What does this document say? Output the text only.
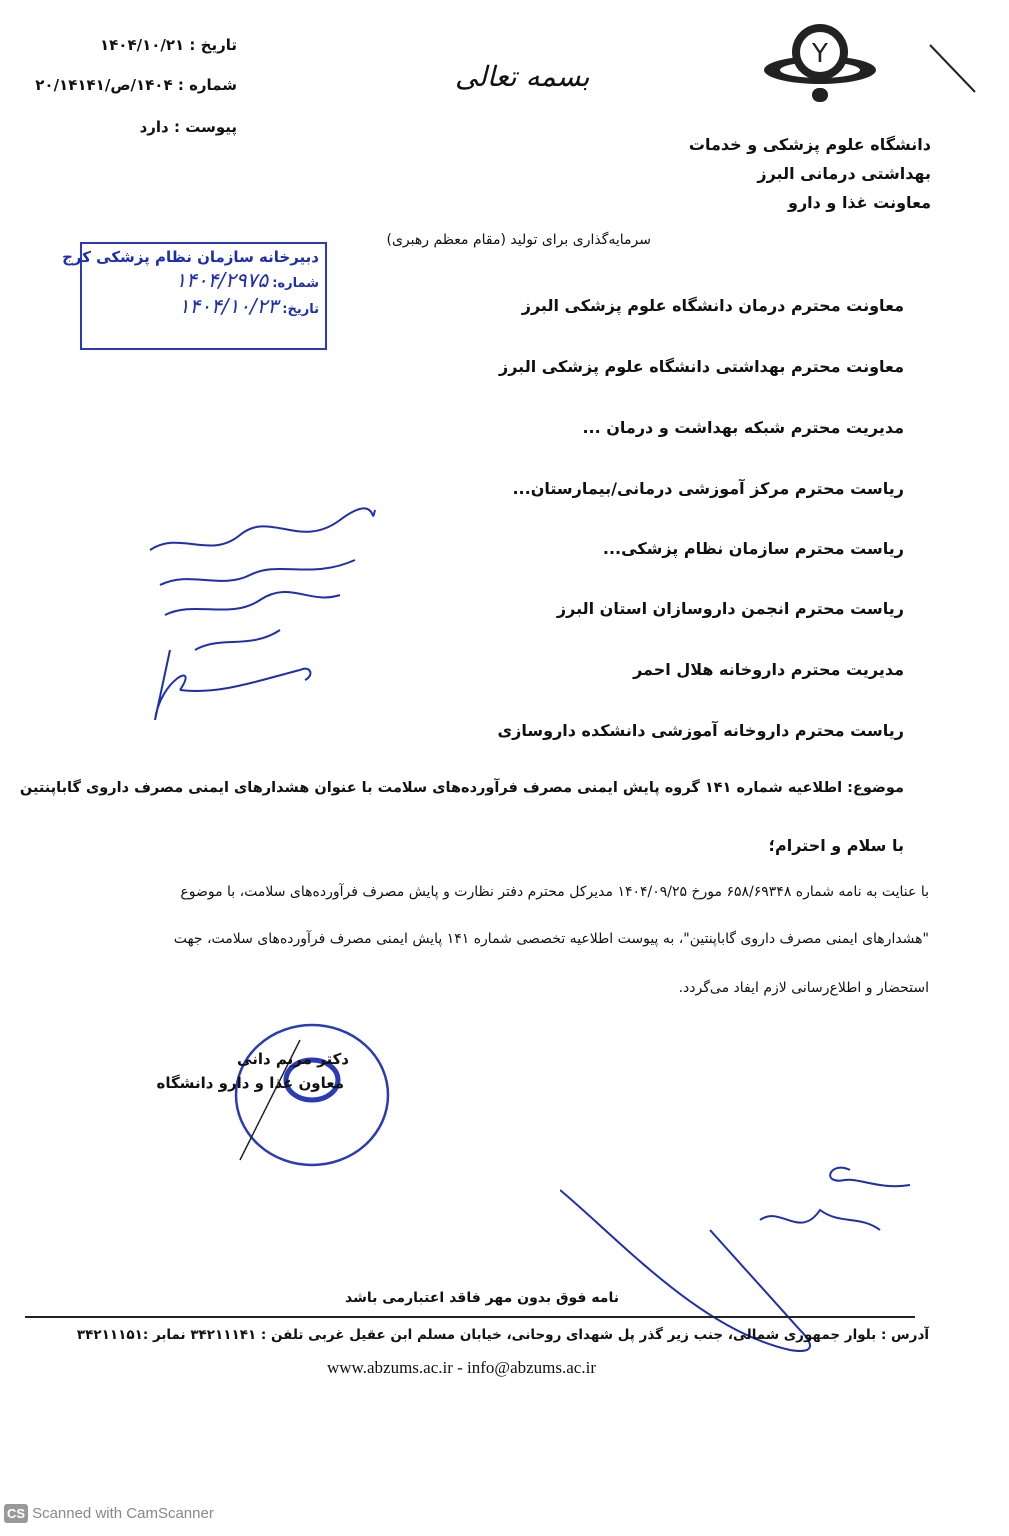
Y
دانشگاه علوم پزشکی و خدمات
بهداشتی درمانی البرز
معاونت غذا و دارو
بسمه تعالی
تاریخ : ۱۴۰۴/۱۰/۲۱
شماره : ۱۴۰۴/ص/۲۰/۱۴۱۴۱
پیوست : دارد
سرمایه‌گذاری برای تولید (مقام معظم رهبری)
دبیرخانه سازمان نظام پزشکی کرج
شماره: ۱۴۰۴/۲۹۷۵
تاریخ: ۱۴۰۴/۱۰/۲۳	معاونت محترم درمان دانشگاه علوم پزشکی البرز
معاونت محترم بهداشتی دانشگاه علوم پزشکی البرز
مدیریت محترم شبکه بهداشت و درمان ...
ریاست محترم مرکز آموزشی درمانی/بیمارستان...
ریاست محترم سازمان نظام پزشکی...
ریاست محترم انجمن داروسازان استان البرز
مدیریت محترم داروخانه هلال احمر
ریاست محترم داروخانه آموزشی دانشکده داروسازی
موضوع: اطلاعیه شماره ۱۴۱ گروه پایش ایمنی مصرف فرآورده‌های سلامت با عنوان هشدارهای ایمنی مصرف داروی گاباپنتین
با سلام و احترام؛
با عنایت به نامه شماره ۶۵۸/۶۹۳۴۸ مورخ ۱۴۰۴/۰۹/۲۵ مدیرکل محترم دفتر نظارت و پایش مصرف فرآورده‌های سلامت، با موضوع
"هشدارهای ایمنی مصرف داروی گاباپنتین"، به پیوست اطلاعیه تخصصی شماره ۱۴۱ پایش ایمنی مصرف فرآورده‌های سلامت، جهت
استحضار و اطلاع‌رسانی لازم ایفاد می‌گردد.
دکتر مریم دانی
معاون غذا و دارو دانشگاه
نامه فوق بدون مهر فاقد اعتبارمی باشد
آدرس : بلوار جمهوری شمالی، جنب زیر گذر پل شهدای روحانی، خیابان مسلم ابن عقیل غربی تلفن : ۳۴۲۱۱۱۴۱ نمابر :۳۴۲۱۱۱۵۱
www.abzums.ac.ir - info@abzums.ac.ir
CS Scanned with CamScanner
